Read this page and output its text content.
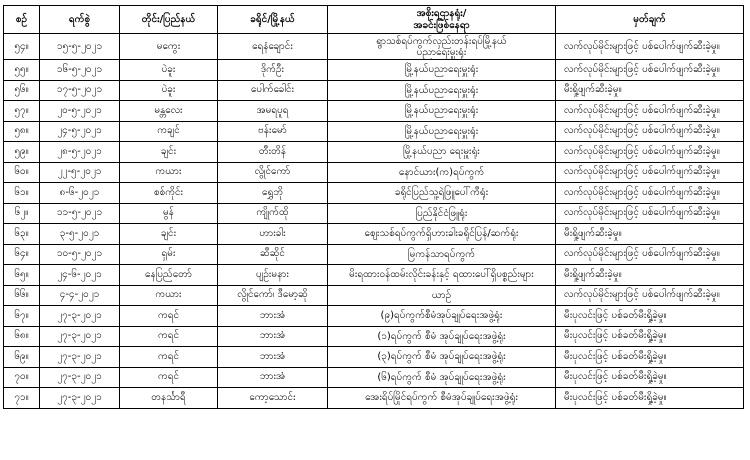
စဉ်	ရက်စွဲ	တိုင်း/ပြည်နယ်	ခရိုင်/မြို့နယ်	အစိုးရဌာနရုံး/
အခင်းဖြစ်နေရာ	မှတ်ချက်
၅၄။	၁၅-၅-၂၀၂၁	မကွေး	ရေနံချောင်း	ရွာသစ်ရပ်ကွက်လှည်းတန်းရပ်မြို့နယ်
ပညာရေးမှူးရုံး	လက်လုပ်မိုင်းများဖြင့် ပစ်ပေါက်ဖျက်ဆီးခဲ့မှု။
၅၅။	၁၆-၅-၂၀၂၁	ပဲခူး	ဒိုက်ဦး	မြို့နယ်ပညာရေးမှူးရုံး	လက်လုပ်မိုင်းများဖြင့် ပစ်ပေါက်ဖျက်ဆီးခဲ့မှု။
၅၆။	၁၇-၅-၂၀၂၁	ပဲခူး	ပေါက်ခေါင်း	မြို့နယ်ပညာရေးမှူးရုံး	မီးရှို့ဖျက်ဆီးခဲ့မှု။
၅၇။	၂၀-၅-၂၀၂၁	မန္တလေး	အမရပူရ	မြို့နယ်ပညာရေးမှူးရုံး	လက်လုပ်မိုင်းများဖြင့် ပစ်ပေါက်ဖျက်ဆီးခဲ့မှု။
၅၈။	၂၄-၅-၂၀၂၁	ကချင်	ဗန်းမော်	မြို့နယ်ပညာရေးမှူးရုံး	လက်လုပ်မိုင်းများဖြင့် ပစ်ပေါက်ဖျက်ဆီးခဲ့မှု။
၅၉။	၂၈-၅-၂၀၂၁	ချင်း	တီးတိန်	မြို့နယ်ပညာ ရေးမှူးရုံး	လက်လုပ်မိုင်းများဖြင့် ပစ်ပေါက်ဖျက်ဆီးခဲ့မှု။
၆၀။	၂၂-၅-၂၀၂၁	ကယား	လွိုင်ကော်	နောင်ယား(က)ရပ်ကွက်	လက်လုပ်မိုင်းများဖြင့် ပစ်ပေါက်ဖျက်ဆီးခဲ့မှု။
၆၁။	၈-၆-၂၀၂၁	စစ်ကိုင်း	ရွှေဘို	ခရိုင်ပြည်သူ့ရဲဖြူပေါ်ကီရုံး	လက်လုပ်မိုင်းများဖြင့် ပစ်ပေါက်ဖျက်ဆီးခဲ့မှု။
၆၂။	၁၁-၅-၂၀၂၁	မွန်	ကျိုက်ထို	ပြည်နိုင်ငံဖြူရုံး	လက်လုပ်မိုင်းများဖြင့် ပစ်ပေါက်ဖျက်ဆီးခဲ့မှု။
၆၃။	၃-၅-၂၀၂၁	ချင်း	ဟားခါး	ဈေးသစ်ရပ်ကွက်ရှိဟားခါးခရိုင်ပြန်/ဆက်ရုံး	မီးရှို့ဖျက်ဆီးခဲ့မှု။
၆၄။	၁၀-၅-၂၀၂၁	ရှမ်း	ဆီဆိုင်	မြကန်သာရပ်ကွက်	လက်လုပ်မိုင်းများဖြင့် ပစ်ပေါက်ဖျက်ဆီးခဲ့မှု။
၆၅။	၂၄-၆-၂၀၂၁	နေပြည်တော်	ပျဉ်းမနား	မိးရထားဝန်ထမ်းလိုင်းခန်းနှင့် ရထားပေါ်ရှိပစ္စည်းများ	မီးရှို့ဖျက်ဆီးခဲ့မှု။
၆၆။	၄-၄-၂၀၂၁	ကယား	လွိုင်ကော်၊ ဒီမော့ဆို	ယာဉ်	လက်လုပ်မိုင်းများဖြင့် ပစ်ပေါက်ဖျက်ဆီးခဲ့မှု။
၆၇။	၂၇-၃-၂၀၂၁	ကရင်	ဘားအံ	(၉)ရပ်ကွက်စီမံအုပ်ချုပ်ရေးအဖွဲ့ရုံး	မီးပုလင်းဖြင့် ပစ်ခတ်မီးရှို့ခဲ့မှု။
၆၈။	၂၇-၃-၂၀၂၁	ကရင်	ဘားအံ	(၁)ရပ်ကွက် စီမံ အုပ်ချုပ်ရေးအဖွဲ့ရုံး	မီးပုလင်းဖြင့် ပစ်ခတ်မီးရှို့ခဲ့မှု။
၆၉။	၂၇-၃-၂၀၂၁	ကရင်	ဘားအံ	(၃)ရပ်ကွက် စီမံ အုပ်ချုပ်ရေးအဖွဲ့ရုံး	မီးပုလင်းဖြင့် ပစ်ခတ်မီးရှို့ခဲ့မှု။
၇၀။	၂၇-၃-၂၀၂၁	ကရင်	ဘားအံ	(၆)ရပ်ကွက် စီမံ အုပ်ချုပ်ရေးအဖွဲ့ရုံး	မီးပုလင်းဖြင့် ပစ်ခတ်မီးရှို့ခဲ့မှု။
၇၁။	၂၇-၃-၂၀၂၁	တနင်္သာရီ	ကော့သောင်း	အေးရိပ်မြိုင်ရပ်ကွက် စီမံအုပ်ချုပ်ရေးအဖွဲ့ရုံး	မီးပုလင်းဖြင့် ပစ်ခတ်မီးရှို့ခဲ့မှု။
